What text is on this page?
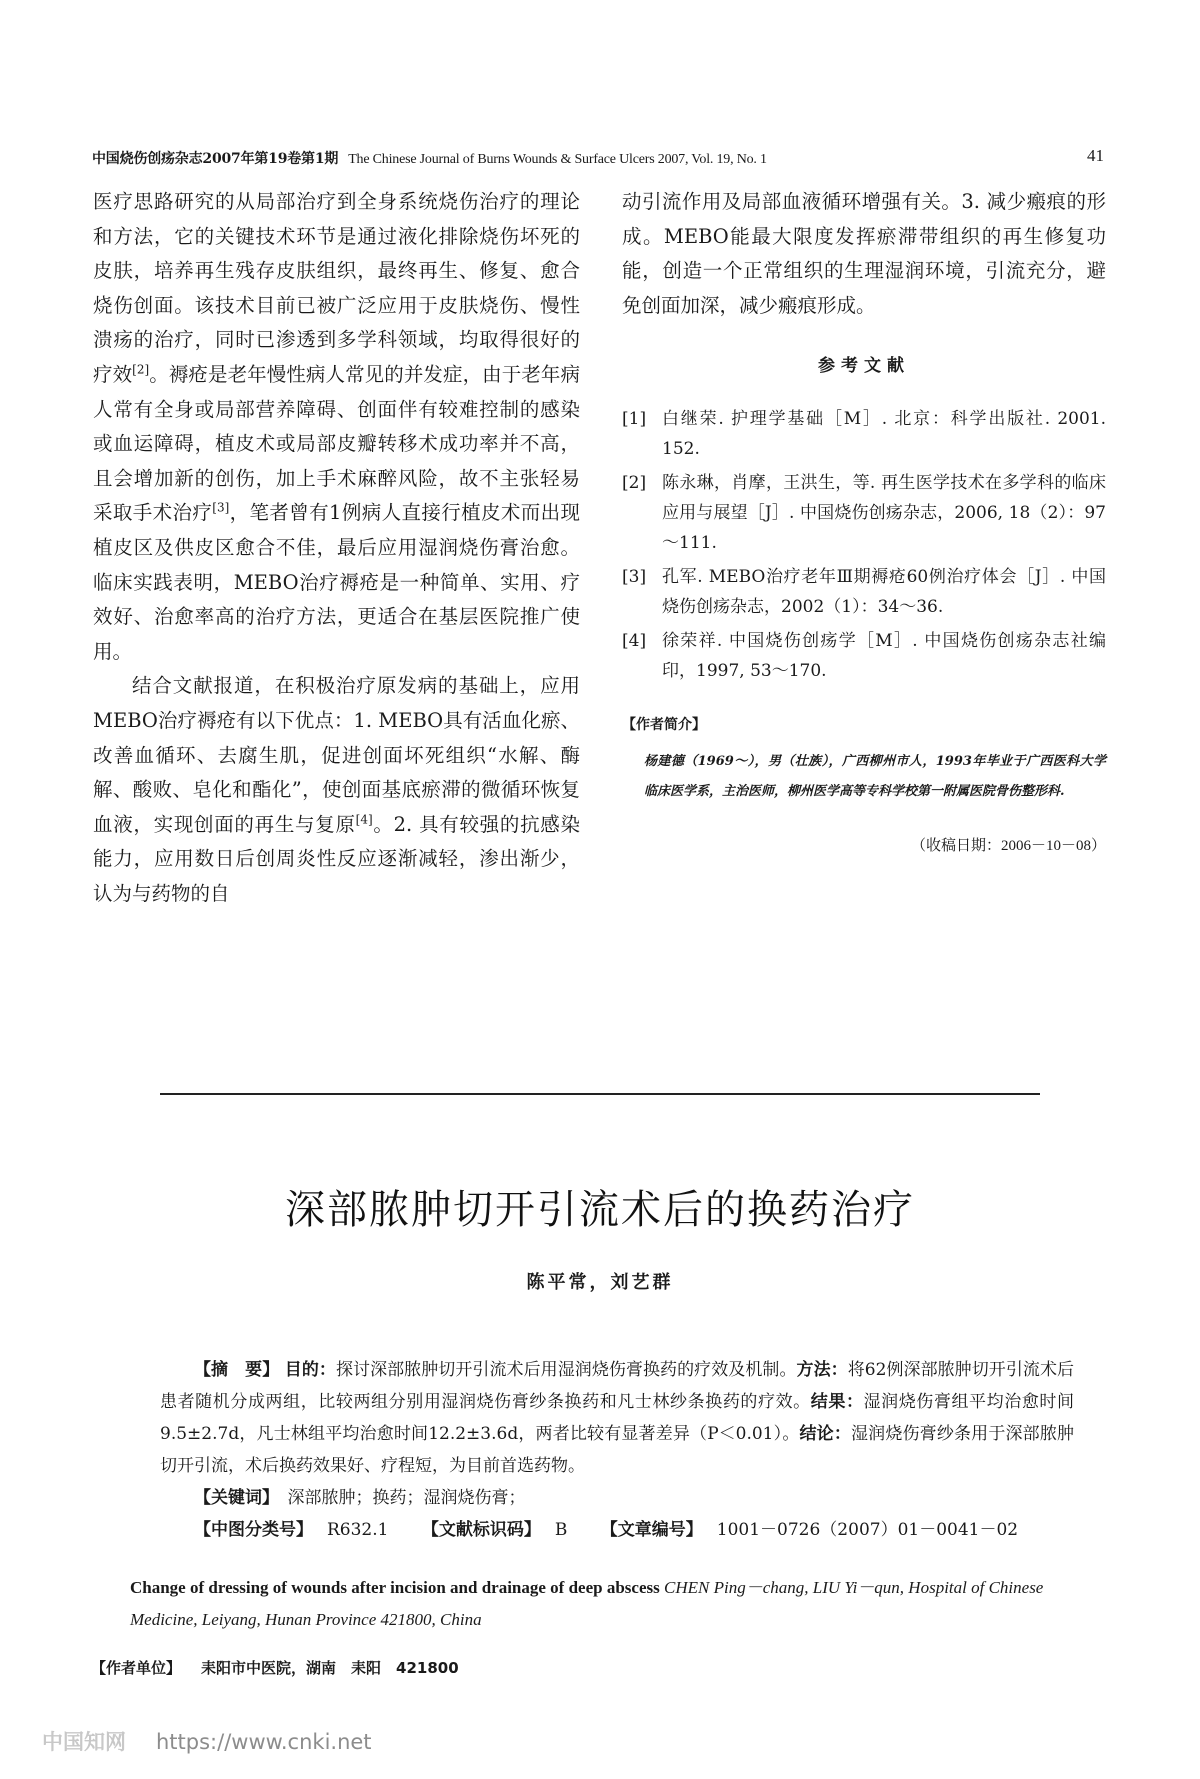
中国烧伤创疡杂志2007年第19卷第1期 The Chinese Journal of Burns Wounds & Surface Ulcers 2007, Vol. 19, No. 1	41

医疗思路研究的从局部治疗到全身系统烧伤治疗的理论和方法，它的关键技术环节是通过液化排除烧伤坏死的皮肤，培养再生残存皮肤组织，最终再生、修复、愈合烧伤创面。该技术目前已被广泛应用于皮肤烧伤、慢性溃疡的治疗，同时已渗透到多学科领域，均取得很好的疗效[2]。褥疮是老年慢性病人常见的并发症，由于老年病人常有全身或局部营养障碍、创面伴有较难控制的感染或血运障碍，植皮术或局部皮瓣转移术成功率并不高，且会增加新的创伤，加上手术麻醉风险，故不主张轻易采取手术治疗[3]，笔者曾有1例病人直接行植皮术而出现植皮区及供皮区愈合不佳，最后应用湿润烧伤膏治愈。临床实践表明，MEBO治疗褥疮是一种简单、实用、疗效好、治愈率高的治疗方法，更适合在基层医院推广使用。

结合文献报道，在积极治疗原发病的基础上，应用MEBO治疗褥疮有以下优点：1. MEBO具有活血化瘀、改善血循环、去腐生肌，促进创面坏死组织“水解、酶解、酸败、皂化和酯化”，使创面基底瘀滞的微循环恢复血液，实现创面的再生与复原[4]。2. 具有较强的抗感染能力，应用数日后创周炎性反应逐渐减轻，渗出渐少，认为与药物的自

动引流作用及局部血液循环增强有关。3. 减少瘢痕的形成。MEBO能最大限度发挥瘀滞带组织的再生修复功能，创造一个正常组织的生理湿润环境，引流充分，避免创面加深，减少瘢痕形成。

参考文献
[1] 白继荣. 护理学基础［M］. 北京：科学出版社. 2001. 152.
[2] 陈永琳，肖摩，王洪生，等. 再生医学技术在多学科的临床应用与展望［J］. 中国烧伤创疡杂志，2006, 18（2）：97～111.
[3] 孔军. MEBO治疗老年Ⅲ期褥疮60例治疗体会［J］. 中国烧伤创疡杂志，2002（1）：34～36.
[4] 徐荣祥. 中国烧伤创疡学［M］. 中国烧伤创疡杂志社编印，1997, 53～170.
【作者简介】
杨建德（1969～），男（壮族），广西柳州市人，1993年毕业于广西医科大学临床医学系，主治医师，柳州医学高等专科学校第一附属医院骨伤整形科.
（收稿日期：2006－10－08）
深部脓肿切开引流术后的换药治疗
陈平常，刘艺群

【摘　要】 目的：探讨深部脓肿切开引流术后用湿润烧伤膏换药的疗效及机制。方法：将62例深部脓肿切开引流术后患者随机分成两组，比较两组分别用湿润烧伤膏纱条换药和凡士林纱条换药的疗效。结果：湿润烧伤膏组平均治愈时间9.5±2.7d，凡士林组平均治愈时间12.2±3.6d，两者比较有显著差异（P＜0.01）。结论：湿润烧伤膏纱条用于深部脓肿切开引流，术后换药效果好、疗程短，为目前首选药物。

【关键词】　 深部脓肿；换药；湿润烧伤膏；

【中图分类号】 R632.1 【文献标识码】 B 【文章编号】 1001－0726（2007）01－0041－02

Change of dressing of wounds after incision and drainage of deep abscess CHEN Ping－chang, LIU Yi－qun, Hospital of Chinese Medicine, Leiyang, Hunan Province 421800, China
【作者单位】 耒阳市中医院，湖南　耒阳　421800
中国知网 https://www.cnki.net
